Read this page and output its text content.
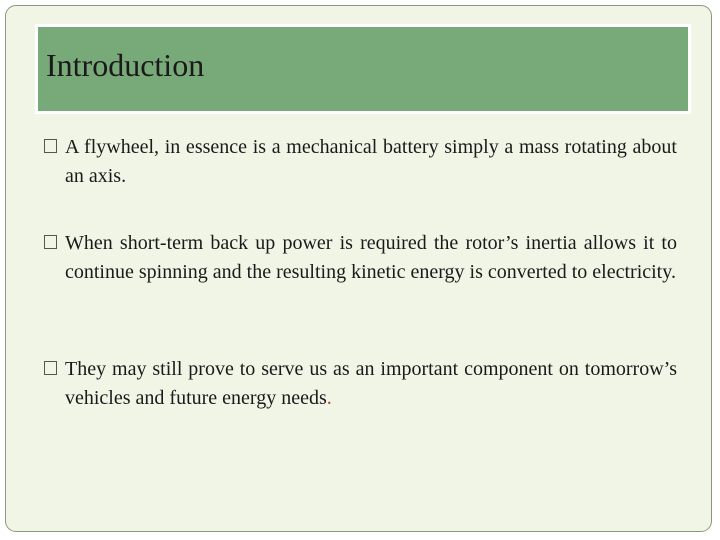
Introduction
A flywheel, in essence is a mechanical battery simply a mass rotating about an axis.
When short-term back up power is required the rotor’s inertia allows it to continue spinning and the resulting kinetic energy is converted to electricity.
They may still prove to serve us as an important component on tomorrow’s vehicles and future energy needs.
